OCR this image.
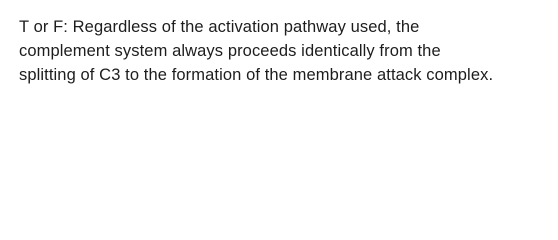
T or F: Regardless of the activation pathway used, the
complement system always proceeds identically from the
splitting of C3 to the formation of the membrane attack complex.
